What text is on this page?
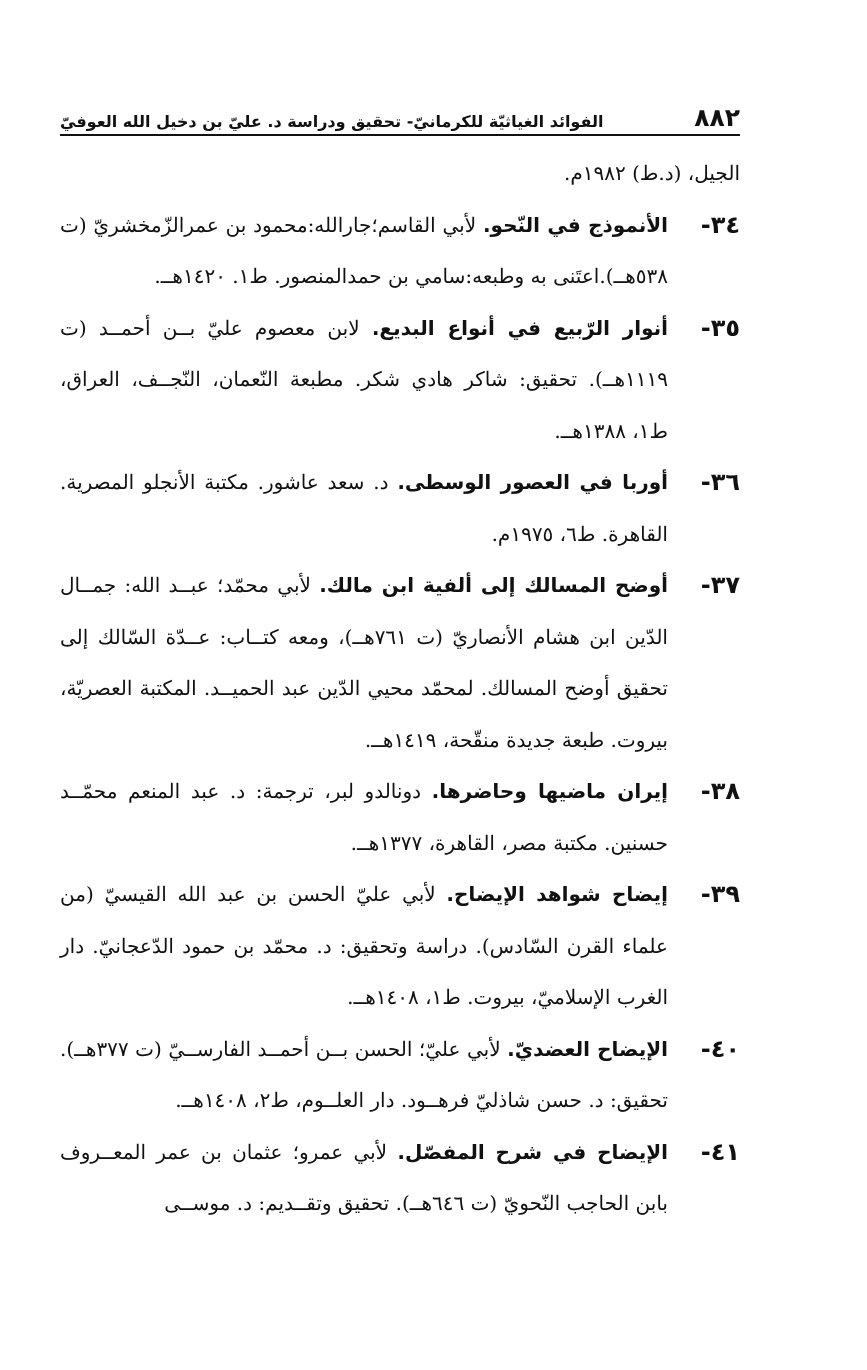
٨٨٢
الفوائد الغياثيّة للكرمانيّ- تحقيق ودراسة د. عليّ بن دخيل الله العوفيّ

الجيل، (د.ط) ١٩٨٢م.

٣٤-
الأنموذج في النّحو. لأبي القاسم؛جارالله:محمود بن عمرالزّمخشريّ (ت ٥٣٨هــ).اعتَنى به وطبعه:سامي بن حمدالمنصور. ط١. ١٤٢٠هــ.
٣٥-
أنوار الرّبيع في أنواع البديع. لابن معصوم عليّ بــن أحمــد (ت ١١١٩هــ). تحقيق: شاكر هادي شكر. مطبعة النّعمان، النّجــف، العراق، ط١، ١٣٨٨هــ.
٣٦-
أوربا في العصور الوسطى. د. سعد عاشور. مكتبة الأنجلو المصرية. القاهرة. ط٦، ١٩٧٥م.
٣٧-
أوضح المسالك إلى ألفية ابن مالك. لأبي محمّد؛ عبــد الله: جمــال الدّين ابن هشام الأنصاريّ (ت ٧٦١هــ)، ومعه كتــاب: عــدّة السّالك إلى تحقيق أوضح المسالك. لمحمّد محيي الدّين عبد الحميــد. المكتبة العصريّة، بيروت. طبعة جديدة منقّحة، ١٤١٩هــ.
٣٨-
إيران ماضيها وحاضرها. دونالدو لبر، ترجمة: د. عبد المنعم محمّــد حسنين. مكتبة مصر، القاهرة، ١٣٧٧هــ.
٣٩-
إيضاح شواهد الإيضاح. لأبي عليّ الحسن بن عبد الله القيسيّ (من علماء القرن السّادس). دراسة وتحقيق: د. محمّد بن حمود الدّعجانيّ. دار الغرب الإسلاميّ، بيروت. ط١، ١٤٠٨هــ.
٤٠-
الإيضاح العضديّ. لأبي عليّ؛ الحسن بــن أحمــد الفارســيّ (ت ٣٧٧هــ). تحقيق: د. حسن شاذليّ فرهــود. دار العلــوم، ط٢، ١٤٠٨هــ.
٤١-
الإيضاح في شرح المفصّل. لأبي عمرو؛ عثمان بن عمر المعــروف بابن الحاجب النّحويّ (ت ٦٤٦هــ). تحقيق وتقــديم: د. موســى
